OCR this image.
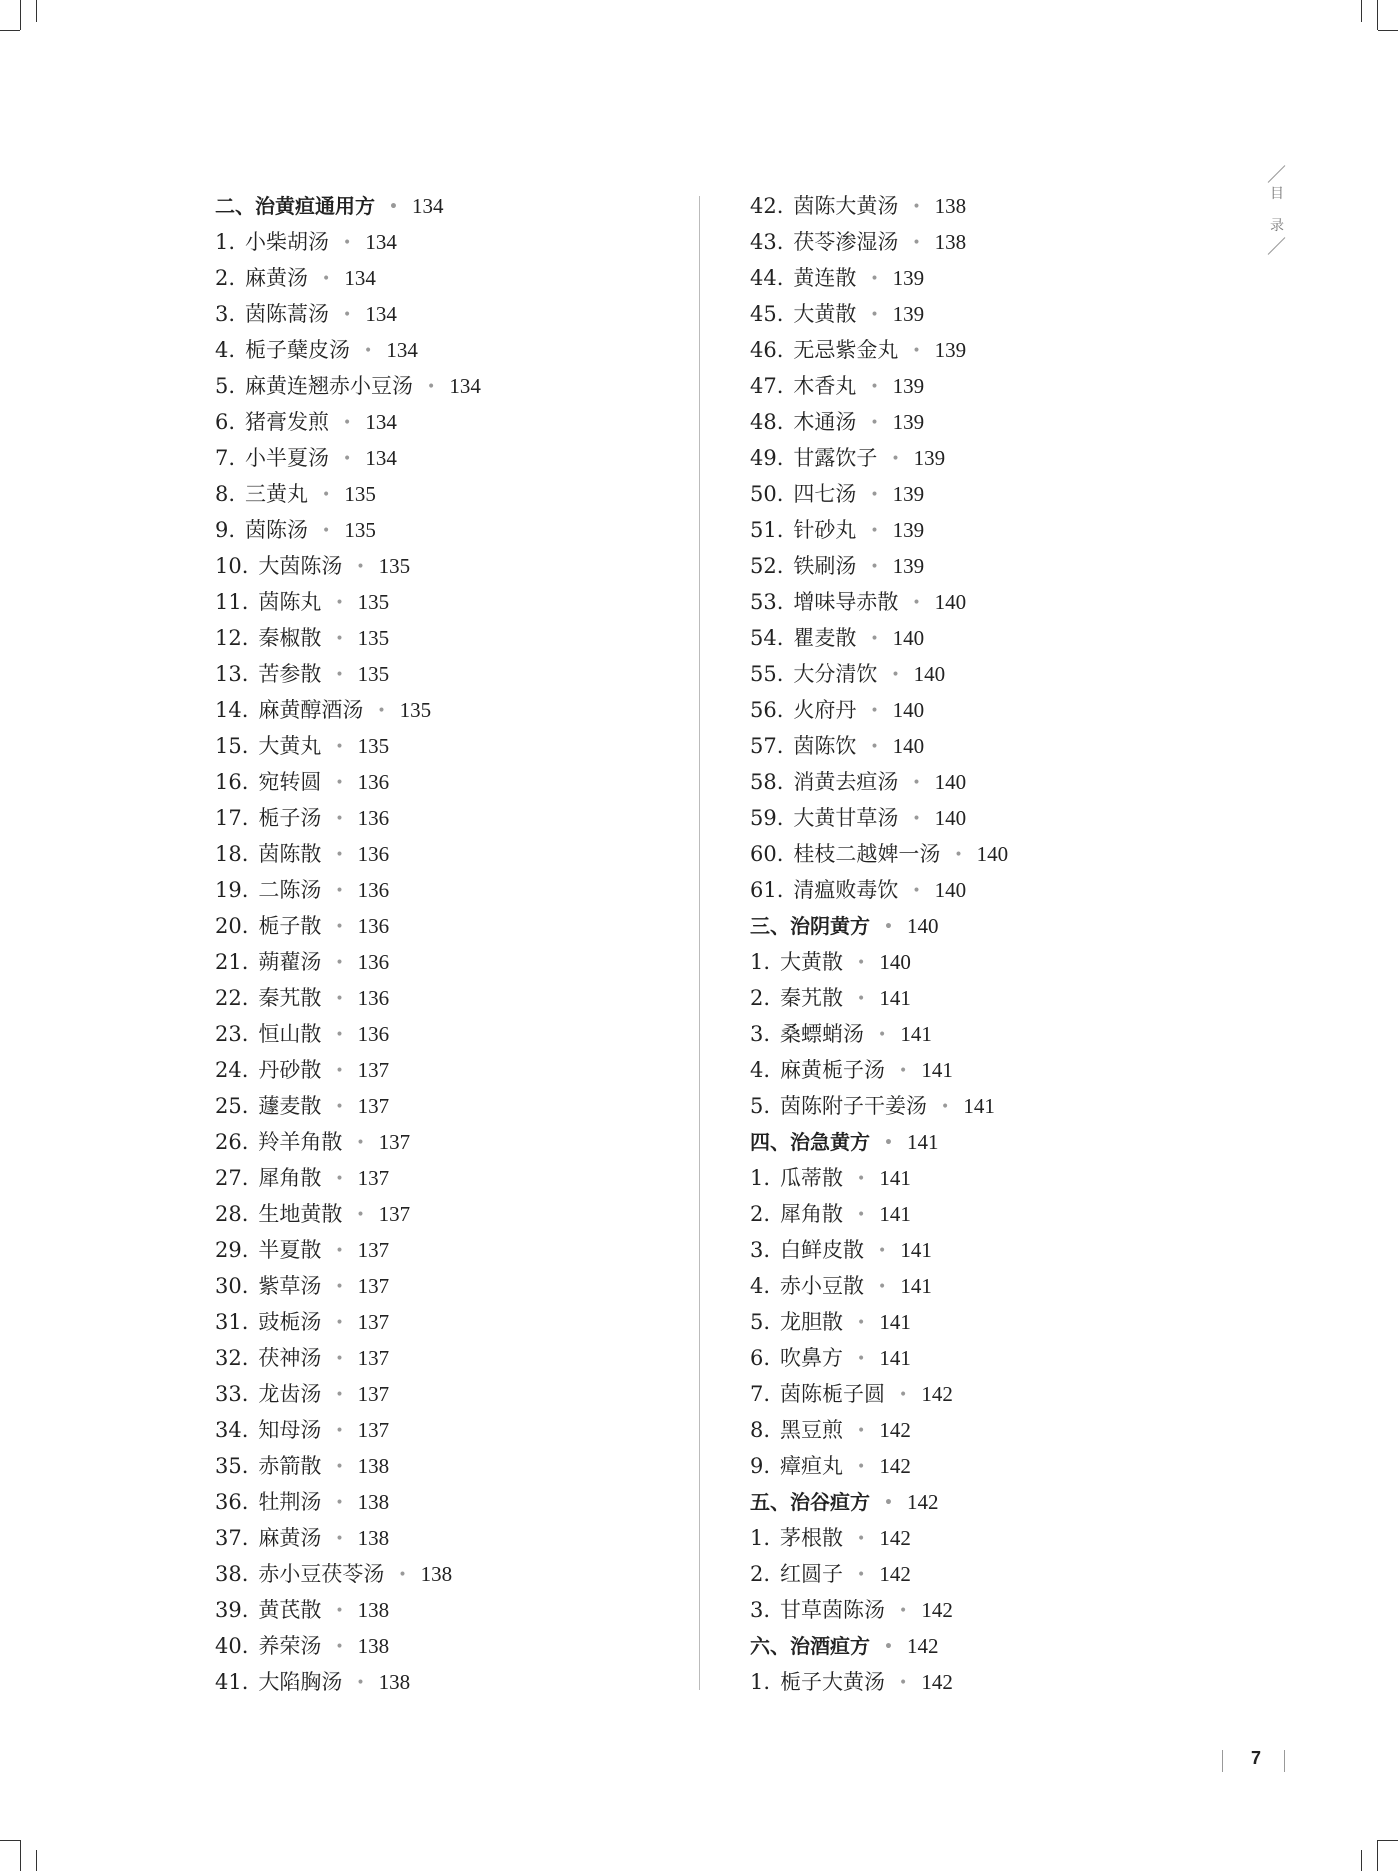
二、治黄疸通用方 • 134
1. 小柴胡汤 • 134
2. 麻黄汤 • 134
3. 茵陈蒿汤 • 134
4. 栀子蘖皮汤 • 134
5. 麻黄连翘赤小豆汤 • 134
6. 猪膏发煎 • 134
7. 小半夏汤 • 134
8. 三黄丸 • 135
9. 茵陈汤 • 135
10. 大茵陈汤 • 135
11. 茵陈丸 • 135
12. 秦椒散 • 135
13. 苦参散 • 135
14. 麻黄醇酒汤 • 135
15. 大黄丸 • 135
16. 宛转圆 • 136
17. 栀子汤 • 136
18. 茵陈散 • 136
19. 二陈汤 • 136
20. 栀子散 • 136
21. 蒴藋汤 • 136
22. 秦艽散 • 136
23. 恒山散 • 136
24. 丹砂散 • 137
25. 蘧麦散 • 137
26. 羚羊角散 • 137
27. 犀角散 • 137
28. 生地黄散 • 137
29. 半夏散 • 137
30. 紫草汤 • 137
31. 豉栀汤 • 137
32. 茯神汤 • 137
33. 龙齿汤 • 137
34. 知母汤 • 137
35. 赤箭散 • 138
36. 牡荆汤 • 138
37. 麻黄汤 • 138
38. 赤小豆茯苓汤 • 138
39. 黄芪散 • 138
40. 养荣汤 • 138
41. 大陷胸汤 • 138
42. 茵陈大黄汤 • 138
43. 茯苓渗湿汤 • 138
44. 黄连散 • 139
45. 大黄散 • 139
46. 无忌紫金丸 • 139
47. 木香丸 • 139
48. 木通汤 • 139
49. 甘露饮子 • 139
50. 四七汤 • 139
51. 针砂丸 • 139
52. 铁刷汤 • 139
53. 增味导赤散 • 140
54. 瞿麦散 • 140
55. 大分清饮 • 140
56. 火府丹 • 140
57. 茵陈饮 • 140
58. 消黄去疸汤 • 140
59. 大黄甘草汤 • 140
60. 桂枝二越婢一汤 • 140
61. 清瘟败毒饮 • 140
三、治阴黄方 • 140
1. 大黄散 • 140
2. 秦艽散 • 141
3. 桑螵蛸汤 • 141
4. 麻黄栀子汤 • 141
5. 茵陈附子干姜汤 • 141
四、治急黄方 • 141
1. 瓜蒂散 • 141
2. 犀角散 • 141
3. 白鲜皮散 • 141
4. 赤小豆散 • 141
5. 龙胆散 • 141
6. 吹鼻方 • 141
7. 茵陈栀子圆 • 142
8. 黑豆煎 • 142
9. 瘴疸丸 • 142
五、治谷疸方 • 142
1. 茅根散 • 142
2. 红圆子 • 142
3. 甘草茵陈汤 • 142
六、治酒疸方 • 142
1. 栀子大黄汤 • 142
目
录
7
